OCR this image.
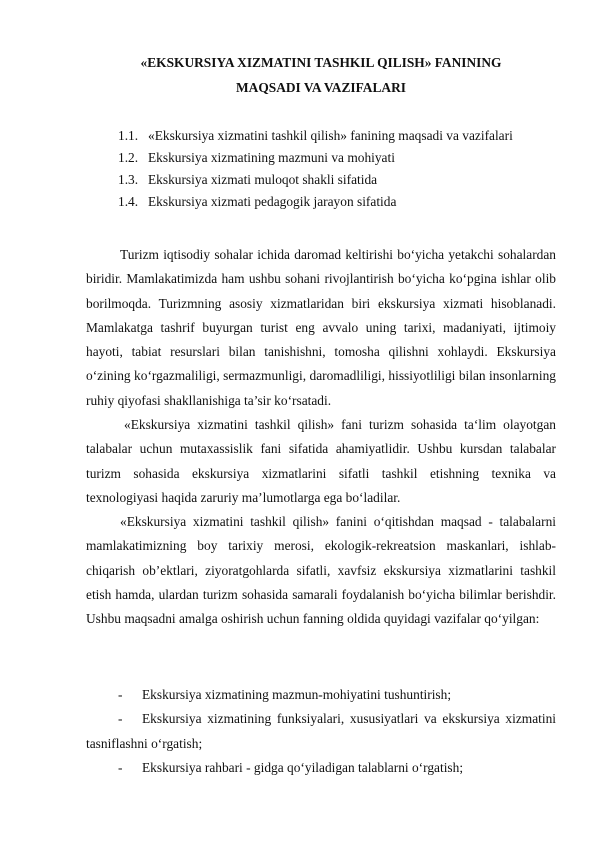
«EKSKURSIYA XIZMATINI TASHKIL QILISH» FANINING

MAQSADI VA VAZIFALARI

1.1. «Ekskursiya xizmatini tashkil qilish» fanining maqsadi va vazifalari
1.2. Ekskursiya xizmatining mazmuni va mohiyati
1.3. Ekskursiya xizmati muloqot shakli sifatida
1.4. Ekskursiya xizmati pedagogik jarayon sifatida

Turizm iqtisodiy sohalar ichida daromad keltirishi bo‘yicha yetakchi sohalardan biridir. Mamlakatimizda ham ushbu sohani rivojlantirish bo‘yicha ko‘pgina ishlar olib borilmoqda. Turizmning asosiy xizmatlaridan biri ekskursiya xizmati hisoblanadi. Mamlakatga tashrif buyurgan turist eng avvalo uning tarixi, madaniyati, ijtimoiy hayoti, tabiat resurslari bilan tanishishni, tomosha qilishni xohlaydi. Ekskursiya o‘zining ko‘rgazmaliligi, sermazmunligi, daromadliligi, hissiyotliligi bilan insonlarning ruhiy qiyofasi shakllanishiga ta’sir ko‘rsatadi.

«Ekskursiya xizmatini tashkil qilish» fani turizm sohasida ta‘lim olayotgan talabalar uchun mutaxassislik fani sifatida ahamiyatlidir. Ushbu kursdan talabalar turizm sohasida ekskursiya xizmatlarini sifatli tashkil etishning texnika va texnologiyasi haqida zaruriy ma’lumotlarga ega bo‘ladilar.

«Ekskursiya xizmatini tashkil qilish» fanini o‘qitishdan maqsad - talabalarni mamlakatimizning boy tarixiy merosi, ekologik-rekreatsion maskanlari, ishlab-chiqarish ob’ektlari, ziyoratgohlarda sifatli, xavfsiz ekskursiya xizmatlarini tashkil etish hamda, ulardan turizm sohasida samarali foydalanish bo‘yicha bilimlar berishdir. Ushbu maqsadni amalga oshirish uchun fanning oldida quyidagi vazifalar qo‘yilgan:

- Ekskursiya xizmatining mazmun-mohiyatini tushuntirish;
- Ekskursiya xizmatining funksiyalari, xususiyatlari va ekskursiya xizmatini tasniflashni o‘rgatish;
- Ekskursiya rahbari - gidga qo‘yiladigan talablarni o‘rgatish;
